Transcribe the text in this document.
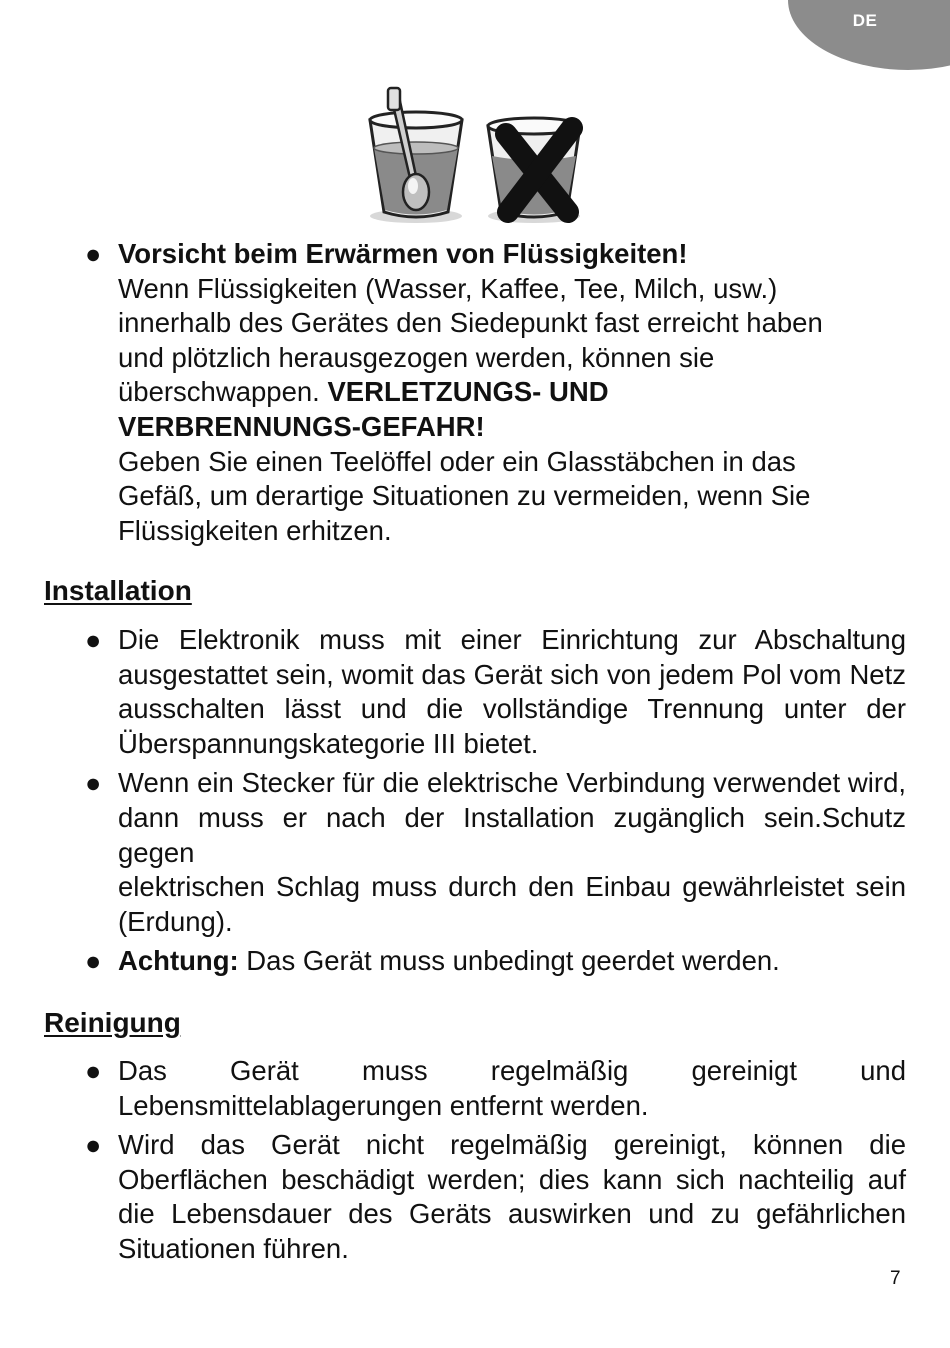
DE
● Vorsicht beim Erwärmen von Flüssigkeiten!

Wenn Flüssigkeiten (Wasser, Kaffee, Tee, Milch, usw.)

innerhalb des Gerätes den Siedepunkt fast erreicht haben

und plötzlich herausgezogen werden, können sie

überschwappen. VERLETZUNGS- UND

VERBRENNUNGS-GEFAHR!

Geben Sie einen Teelöffel oder ein Glasstäbchen in das

Gefäß, um derartige Situationen zu vermeiden, wenn Sie

Flüssigkeiten erhitzen.

Installation
● Die Elektronik muss mit einer Einrichtung zur Abschaltung ausgestattet sein, womit das Gerät sich von jedem Pol vom Netz ausschalten lässt und die vollständige Trennung unter der Überspannungskategorie III bietet.

● Wenn ein Stecker für die elektrische Verbindung verwendet wird, dann muss er nach der Installation zugänglich sein.Schutz gegen

elektrischen Schlag muss durch den Einbau gewährleistet sein (Erdung).

● Achtung: Das Gerät muss unbedingt geerdet werden.

Reinigung
● Das Gerät muss regelmäßig gereinigt und Lebensmittelablagerungen entfernt werden.

● Wird das Gerät nicht regelmäßig gereinigt, können die Oberflächen beschädigt werden; dies kann sich nachteilig auf die Lebensdauer des Geräts auswirken und zu gefährlichen Situationen führen.

7
